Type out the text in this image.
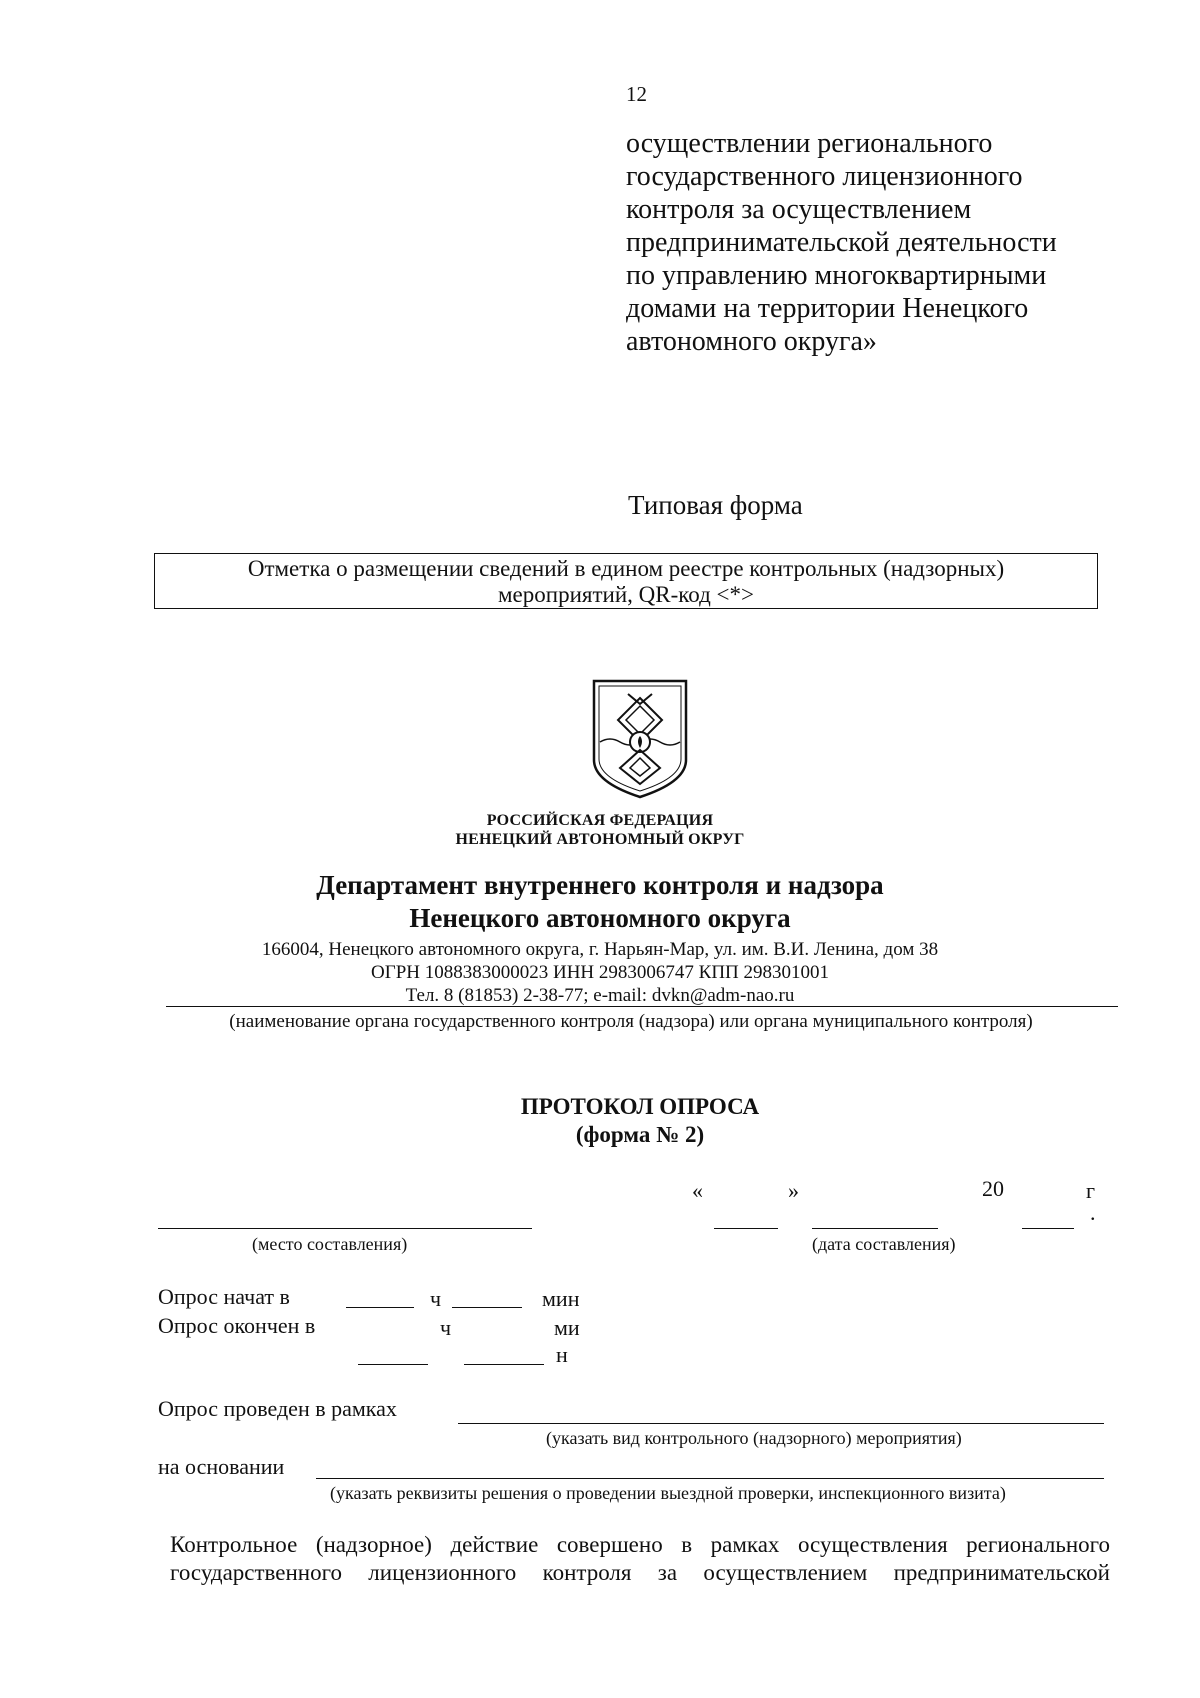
12
осуществлении регионального
государственного лицензионного
контроля за осуществлением
предпринимательской деятельности
по управлению многоквартирными
домами на территории Ненецкого
автономного округа»
Типовая форма
Отметка о размещении сведений в едином реестре контрольных (надзорных)
мероприятий, QR-код <*>
РОССИЙСКАЯ ФЕДЕРАЦИЯ
НЕНЕЦКИЙ АВТОНОМНЫЙ ОКРУГ
Департамент внутреннего контроля и надзора
Ненецкого автономного округа
166004, Ненецкого автономного округа, г. Нарьян-Мар, ул. им. В.И. Ленина, дом 38
ОГРН 1088383000023 ИНН 2983006747 КПП 298301001
Тел. 8 (81853) 2-38-77; e-mail: dvkn@adm-nao.ru
(наименование органа государственного контроля (надзора) или органа муниципального контроля)
ПРОТОКОЛ ОПРОСА
(форма № 2)
«	»	20	г
.
(место составления)	(дата составления)
Опрос начат в	ч	мин
Опрос окончен в	ч	ми
н
Опрос проведен в рамках
(указать вид контрольного (надзорного) мероприятия)
на основании
(указать реквизиты решения о проведении выездной проверки, инспекционного визита)
Контрольное (надзорное) действие совершено в рамках осуществления регионального
государственного лицензионного контроля за осуществлением предпринимательской
